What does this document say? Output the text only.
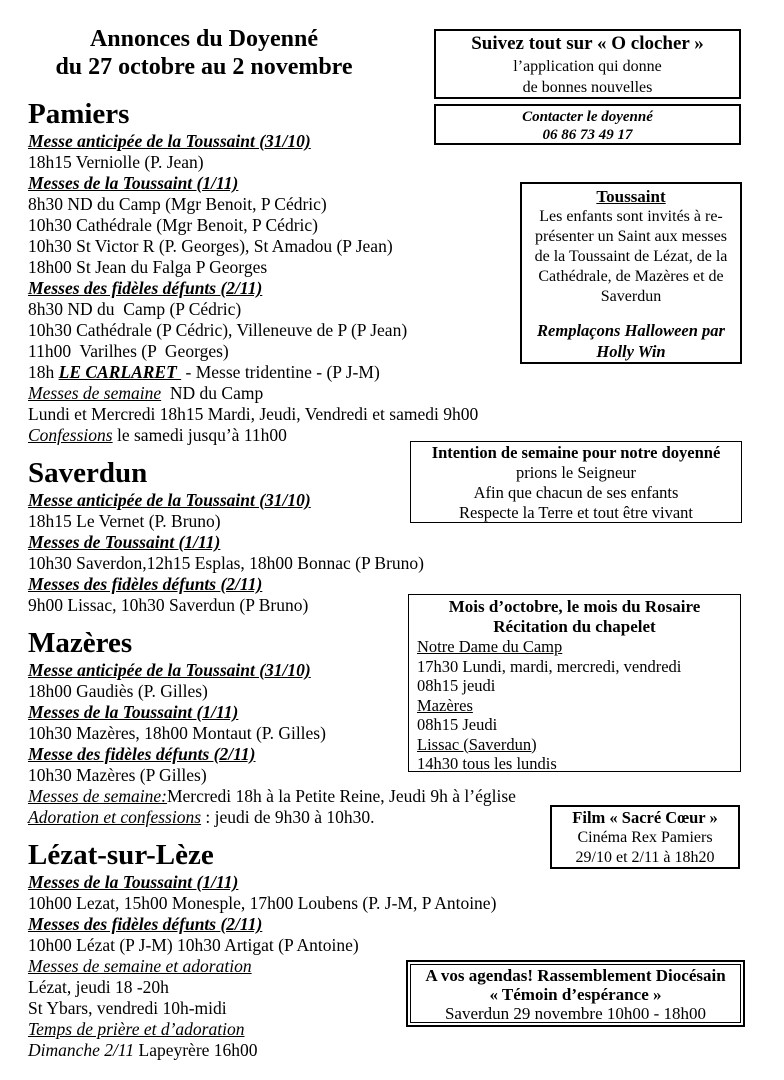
Annonces du Doyenné
du 27 octobre au 2 novembre
Pamiers
Messe anticipée de la Toussaint (31/10)
18h15 Verniolle (P. Jean)
Messes de la Toussaint (1/11)
8h30 ND du Camp (Mgr Benoit, P Cédric)
10h30 Cathédrale (Mgr Benoit, P Cédric)
10h30 St Victor R (P. Georges), St Amadou (P Jean)
18h00 St Jean du Falga P Georges
Messes des fidèles défunts (2/11)
8h30 ND du  Camp (P Cédric)
10h30 Cathédrale (P Cédric), Villeneuve de P (P Jean)
11h00  Varilhes (P  Georges)
18h LE CARLARET  - Messe tridentine - (P J-M)
Messes de semaine  ND du Camp
Lundi et Mercredi 18h15 Mardi, Jeudi, Vendredi et samedi 9h00
Confessions le samedi jusqu’à 11h00
Saverdun
Messe anticipée de la Toussaint (31/10)
18h15 Le Vernet (P. Bruno)
Messes de Toussaint (1/11)
10h30 Saverdon,12h15 Esplas, 18h00 Bonnac (P Bruno)
Messes des fidèles défunts (2/11)
9h00 Lissac, 10h30 Saverdun (P Bruno)
Mazères
Messe anticipée de la Toussaint (31/10)
18h00 Gaudiès (P. Gilles)
Messes de la Toussaint (1/11)
10h30 Mazères, 18h00 Montaut (P. Gilles)
Messe des fidèles défunts (2/11)
10h30 Mazères (P Gilles)
Messes de semaine:Mercredi 18h à la Petite Reine, Jeudi 9h à l’église
Adoration et confessions : jeudi de 9h30 à 10h30.
Lézat-sur-Lèze
Messes de la Toussaint (1/11)
10h00 Lezat, 15h00 Monesple, 17h00 Loubens (P. J-M, P Antoine)
Messes des fidèles défunts (2/11)
10h00 Lézat (P J-M) 10h30 Artigat (P Antoine)
Messes de semaine et adoration
Lézat, jeudi 18 -20h
St Ybars, vendredi 10h-midi
Temps de prière et d’adoration
Dimanche 2/11 Lapeyrère 16h00
Suivez tout sur « O clocher »
l’application qui donne
de bonnes nouvelles
Contacter le doyenné
06 86 73 49 17
Toussaint
Les enfants sont invités à re-
présenter un Saint aux messes
de la Toussaint de Lézat, de la
Cathédrale, de Mazères et de
Saverdun
Remplaçons Halloween par
Holly Win
Intention de semaine pour notre doyenné
prions le Seigneur
Afin que chacun de ses enfants
Respecte la Terre et tout être vivant
Mois d’octobre, le mois du Rosaire
Récitation du chapelet
Notre Dame du Camp
17h30 Lundi, mardi, mercredi, vendredi
08h15 jeudi
Mazères
08h15 Jeudi
Lissac (Saverdun)
14h30 tous les lundis
Film « Sacré Cœur »
Cinéma Rex Pamiers
29/10 et 2/11 à 18h20
A vos agendas! Rassemblement Diocésain
« Témoin d’espérance »
Saverdun 29 novembre 10h00 - 18h00
